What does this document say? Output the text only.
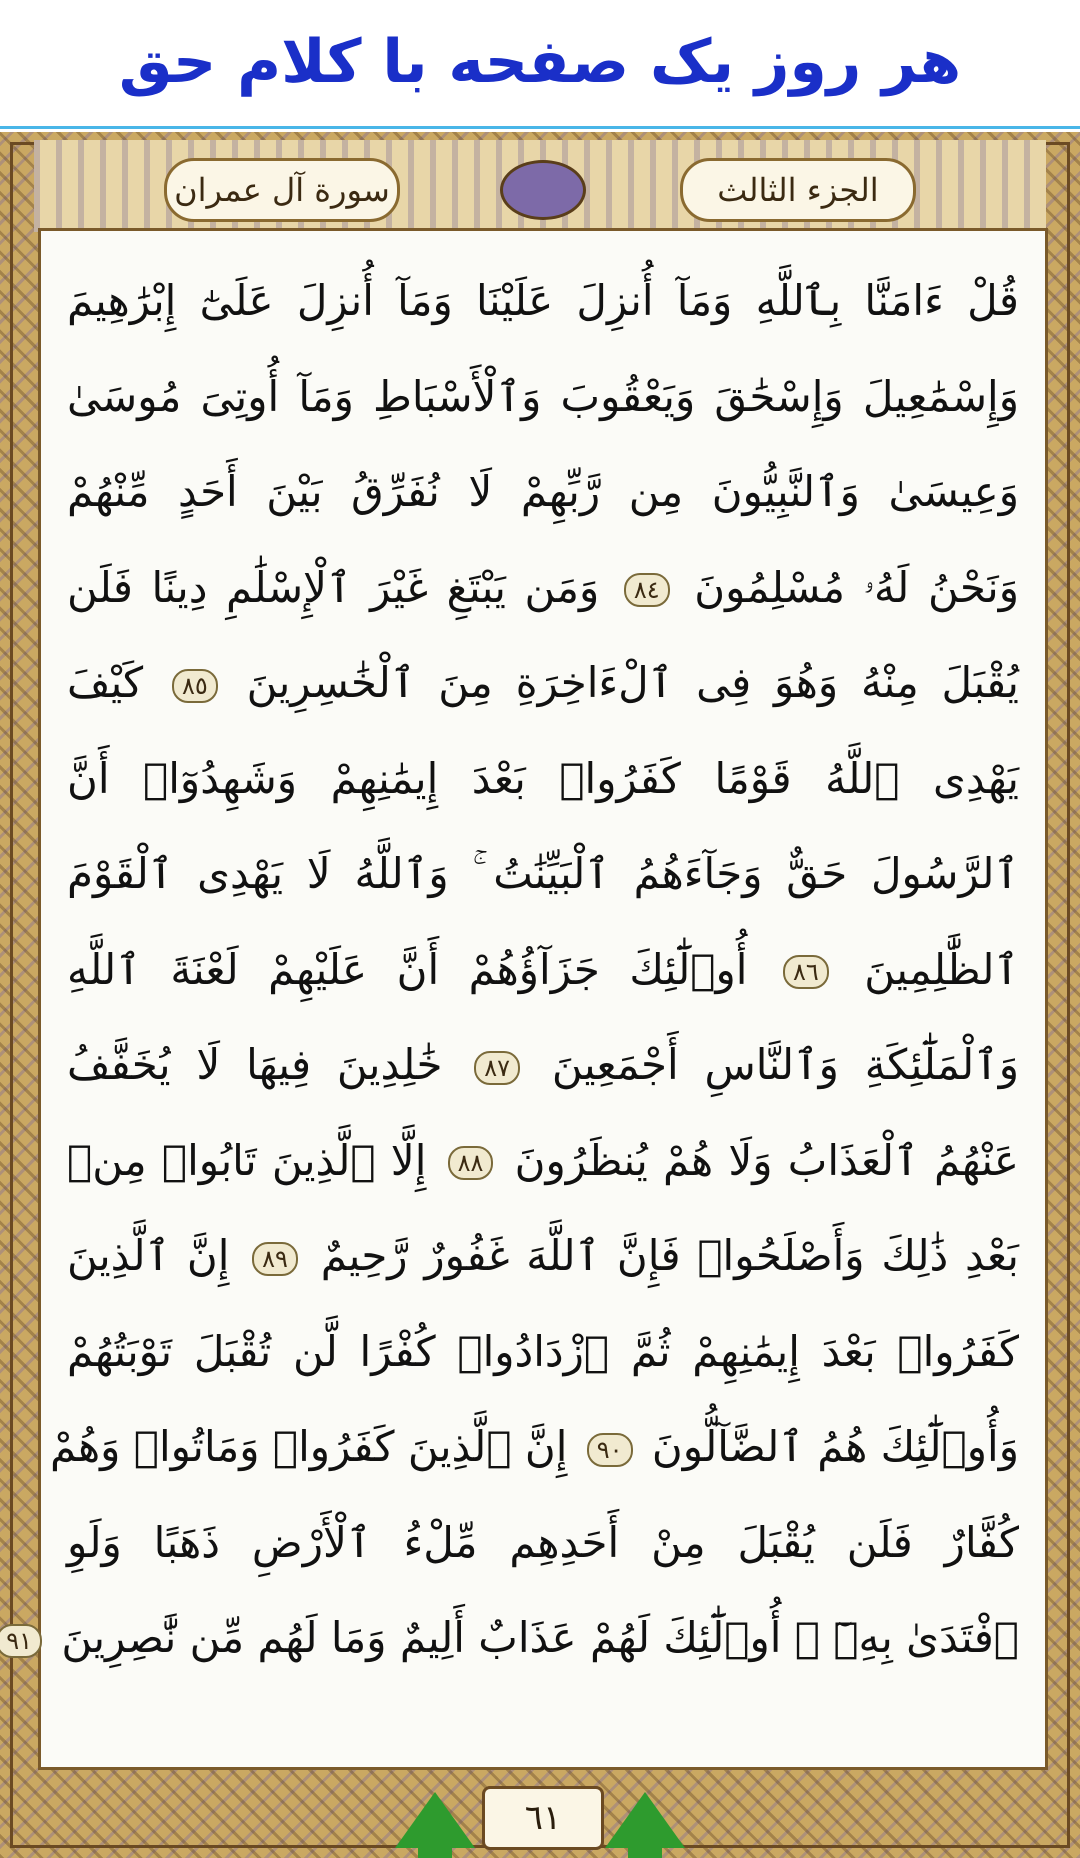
هر روز یک صفحه با کلام حق
الجزء الثالث
سورة آل عمران
قُلْ ءَامَنَّا بِٱللَّهِ وَمَآ أُنزِلَ عَلَيْنَا وَمَآ أُنزِلَ عَلَىٰٓ إِبْرَٰهِيمَ
وَإِسْمَٰعِيلَ وَإِسْحَٰقَ وَيَعْقُوبَ وَٱلْأَسْبَاطِ وَمَآ أُوتِىَ مُوسَىٰ
وَعِيسَىٰ وَٱلنَّبِيُّونَ مِن رَّبِّهِمْ لَا نُفَرِّقُ بَيْنَ أَحَدٍ مِّنْهُمْ
وَنَحْنُ لَهُۥ مُسْلِمُونَ ٨٤ وَمَن يَبْتَغِ غَيْرَ ٱلْإِسْلَٰمِ دِينًا فَلَن
يُقْبَلَ مِنْهُ وَهُوَ فِى ٱلْءَاخِرَةِ مِنَ ٱلْخَٰسِرِينَ ٨٥ كَيْفَ
يَهْدِى ٱللَّهُ قَوْمًا كَفَرُوا۟ بَعْدَ إِيمَٰنِهِمْ وَشَهِدُوٓا۟ أَنَّ
ٱلرَّسُولَ حَقٌّ وَجَآءَهُمُ ٱلْبَيِّنَٰتُ ۚ وَٱللَّهُ لَا يَهْدِى ٱلْقَوْمَ
ٱلظَّٰلِمِينَ ٨٦ أُو۟لَٰٓئِكَ جَزَآؤُهُمْ أَنَّ عَلَيْهِمْ لَعْنَةَ ٱللَّهِ
وَٱلْمَلَٰٓئِكَةِ وَٱلنَّاسِ أَجْمَعِينَ ٨٧ خَٰلِدِينَ فِيهَا لَا يُخَفَّفُ
عَنْهُمُ ٱلْعَذَابُ وَلَا هُمْ يُنظَرُونَ ٨٨ إِلَّا ٱلَّذِينَ تَابُوا۟ مِنۢ
بَعْدِ ذَٰلِكَ وَأَصْلَحُوا۟ فَإِنَّ ٱللَّهَ غَفُورٌ رَّحِيمٌ ٨٩ إِنَّ ٱلَّذِينَ
كَفَرُوا۟ بَعْدَ إِيمَٰنِهِمْ ثُمَّ ٱزْدَادُوا۟ كُفْرًا لَّن تُقْبَلَ تَوْبَتُهُمْ
وَأُو۟لَٰٓئِكَ هُمُ ٱلضَّآلُّونَ ٩٠ إِنَّ ٱلَّذِينَ كَفَرُوا۟ وَمَاتُوا۟ وَهُمْ
كُفَّارٌ فَلَن يُقْبَلَ مِنْ أَحَدِهِم مِّلْءُ ٱلْأَرْضِ ذَهَبًا وَلَوِ
ٱفْتَدَىٰ بِهِۦٓ ۗ أُو۟لَٰٓئِكَ لَهُمْ عَذَابٌ أَلِيمٌ وَمَا لَهُم مِّن نَّٰصِرِينَ ٩١
٦١
